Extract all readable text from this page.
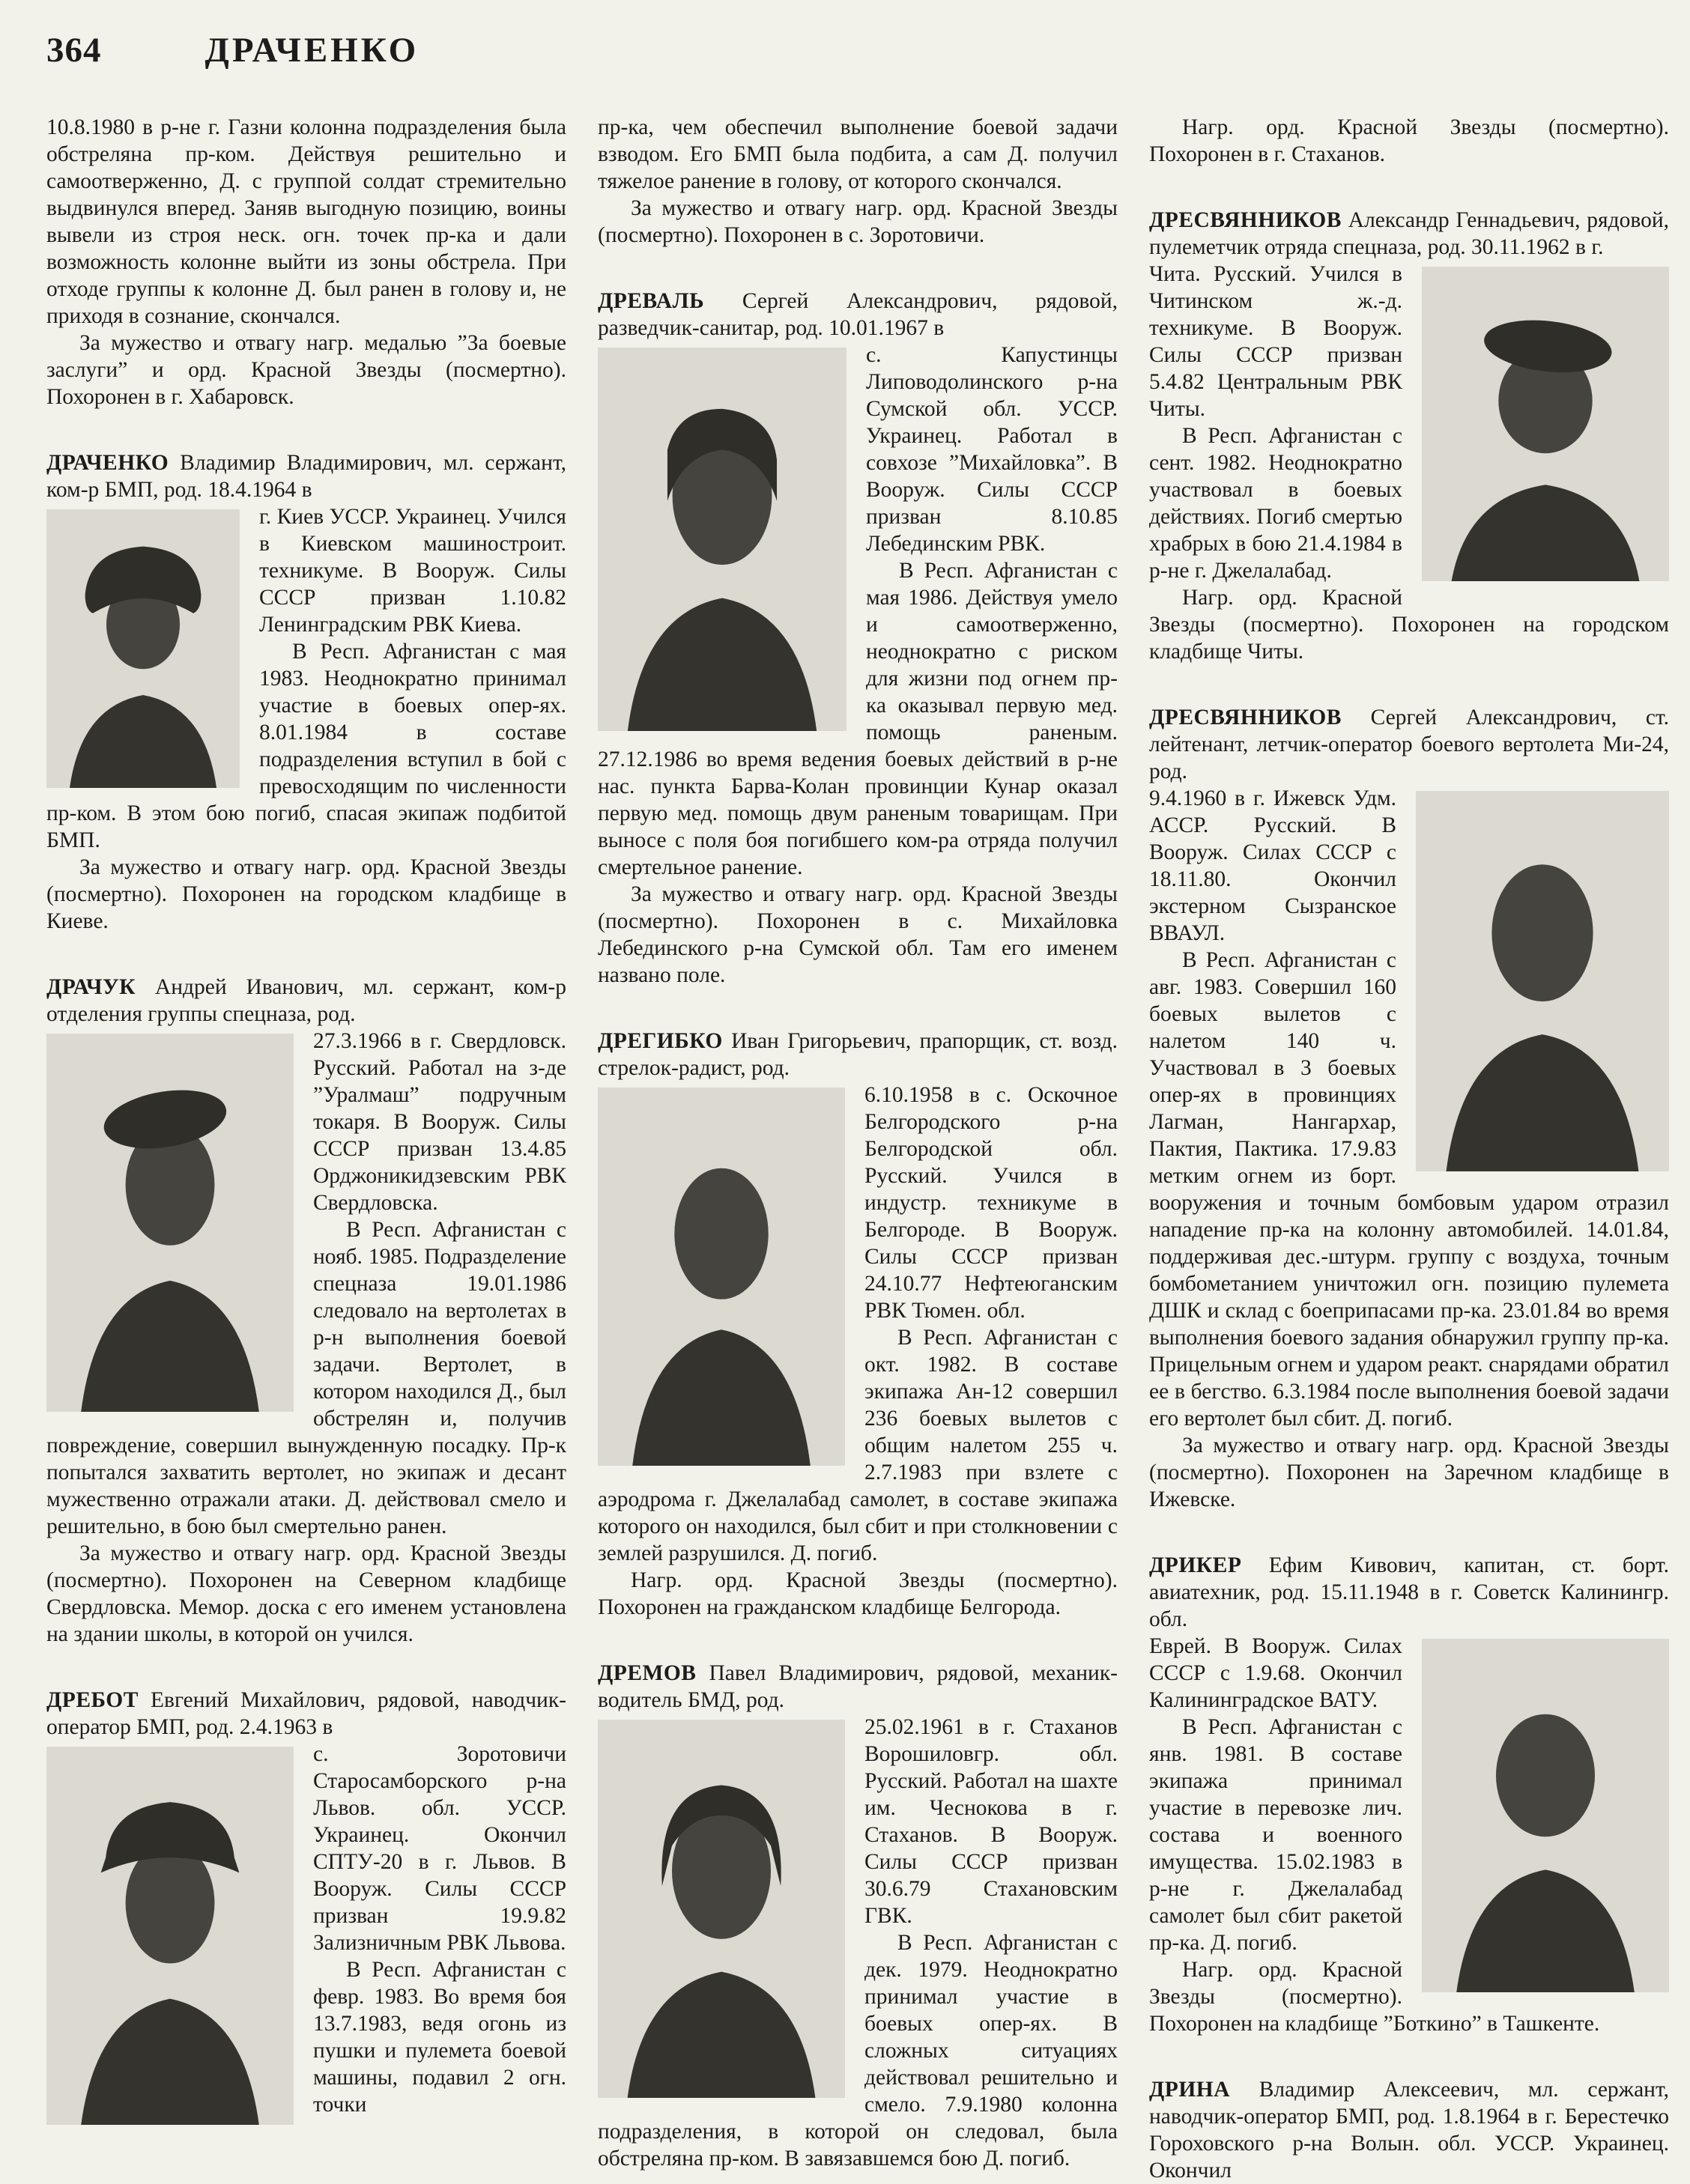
364	ДРАЧЕНКО

10.8.1980 в р-не г. Газни колонна подразделения была обстреляна пр-ком. Действуя решительно и самоотверженно, Д. с группой солдат стремительно выдвинулся вперед. Заняв выгодную позицию, воины вывели из строя неск. огн. точек пр-ка и дали возможность колонне выйти из зоны обстрела. При отходе группы к колонне Д. был ранен в голову и, не приходя в сознание, скончался.

За мужество и отвагу нагр. медалью ”За боевые заслуги” и орд. Красной Звезды (посмертно). Похоронен в г. Хабаровск.

ДРАЧЕНКО Владимир Владимирович, мл. сержант, ком-р БМП, род. 18.4.1964 в

г. Киев УССР. Украинец. Учился в Киевском машиностроит. техникуме. В Вооруж. Силы СССР призван 1.10.82 Ленинградским РВК Киева.

В Респ. Афганистан с мая 1983. Неоднократно принимал участие в боевых опер-ях. 8.01.1984 в составе подразделения вступил в бой с превосходящим по численности пр-ком. В этом бою погиб, спасая экипаж подбитой БМП.

За мужество и отвагу нагр. орд. Красной Звезды (посмертно). Похоронен на городском кладбище в Киеве.

ДРАЧУК Андрей Иванович, мл. сержант, ком-р отделения группы спецназа, род.

27.3.1966 в г. Свердловск. Русский. Работал на з-де ”Уралмаш” подручным токаря. В Вооруж. Силы СССР призван 13.4.85 Орджоникидзевским РВК Свердловска.

В Респ. Афганистан с нояб. 1985. Подразделение спецназа 19.01.1986 следовало на вертолетах в р-н выполнения боевой задачи. Вертолет, в котором находился Д., был обстрелян и, получив повреждение, совершил вынужденную посадку. Пр-к попытался захватить вертолет, но экипаж и десант мужественно отражали атаки. Д. действовал смело и решительно, в бою был смертельно ранен.

За мужество и отвагу нагр. орд. Красной Звезды (посмертно). Похоронен на Северном кладбище Свердловска. Мемор. доска с его именем установлена на здании школы, в которой он учился.

ДРЕБОТ Евгений Михайлович, рядовой, наводчик-оператор БМП, род. 2.4.1963 в

с. Зоротовичи Старосамборского р-на Львов. обл. УССР. Украинец. Окончил СПТУ-20 в г. Львов. В Вооруж. Силы СССР призван 19.9.82 Зализничным РВК Львова.

В Респ. Афганистан с февр. 1983. Во время боя 13.7.1983, ведя огонь из пушки и пулемета боевой машины, подавил 2 огн. точки

пр-ка, чем обеспечил выполнение боевой задачи взводом. Его БМП была подбита, а сам Д. получил тяжелое ранение в голову, от которого скончался.

За мужество и отвагу нагр. орд. Красной Звезды (посмертно). Похоронен в с. Зоротовичи.

ДРЕВАЛЬ Сергей Александрович, рядовой, разведчик-санитар, род. 10.01.1967 в

с. Капустинцы Липоводолинского р-на Сумской обл. УССР. Украинец. Работал в совхозе ”Михайловка”. В Вооруж. Силы СССР призван 8.10.85 Лебединским РВК.

В Респ. Афганистан с мая 1986. Действуя умело и самоотверженно, неоднократно с риском для жизни под огнем пр-ка оказывал первую мед. помощь раненым. 27.12.1986 во время ведения боевых действий в р-не нас. пункта Барва-Колан провинции Кунар оказал первую мед. помощь двум раненым товарищам. При выносе с поля боя погибшего ком-ра отряда получил смертельное ранение.

За мужество и отвагу нагр. орд. Красной Звезды (посмертно). Похоронен в с. Михайловка Лебединского р-на Сумской обл. Там его именем названо поле.

ДРЕГИБКО Иван Григорьевич, прапорщик, ст. возд. стрелок-радист, род.

6.10.1958 в с. Оскочное Белгородского р-на Белгородской обл. Русский. Учился в индустр. техникуме в Белгороде. В Вооруж. Силы СССР призван 24.10.77 Нефтеюганским РВК Тюмен. обл.

В Респ. Афганистан с окт. 1982. В составе экипажа Ан-12 совершил 236 боевых вылетов с общим налетом 255 ч. 2.7.1983 при взлете с аэродрома г. Джелалабад самолет, в составе экипажа которого он находился, был сбит и при столкновении с землей разрушился. Д. погиб.

Нагр. орд. Красной Звезды (посмертно). Похоронен на гражданском кладбище Белгорода.

ДРЕМОВ Павел Владимирович, рядовой, механик-водитель БМД, род.

25.02.1961 в г. Стаханов Ворошиловгр. обл. Русский. Работал на шахте им. Чеснокова в г. Стаханов. В Вооруж. Силы СССР призван 30.6.79 Стахановским ГВК.

В Респ. Афганистан с дек. 1979. Неоднократно принимал участие в боевых опер-ях. В сложных ситуациях действовал решительно и смело. 7.9.1980 колонна подразделения, в которой он следовал, была обстреляна пр-ком. В завязавшемся бою Д. погиб.

Нагр. орд. Красной Звезды (посмертно). Похоронен в г. Стаханов.

ДРЕСВЯННИКОВ Александр Геннадьевич, рядовой, пулеметчик отряда спецназа, род. 30.11.1962 в г.

Чита. Русский. Учился в Читинском ж.-д. техникуме. В Вооруж. Силы СССР призван 5.4.82 Центральным РВК Читы.

В Респ. Афганистан с сент. 1982. Неоднократно участвовал в боевых действиях. Погиб смертью храбрых в бою 21.4.1984 в р-не г. Джелалабад.

Нагр. орд. Красной Звезды (посмертно). Похоронен на городском кладбище Читы.

ДРЕСВЯННИКОВ Сергей Александрович, ст. лейтенант, летчик-оператор боевого вертолета Ми-24, род.

9.4.1960 в г. Ижевск Удм. АССР. Русский. В Вооруж. Силах СССР с 18.11.80. Окончил экстерном Сызранское ВВАУЛ.

В Респ. Афганистан с авг. 1983. Совершил 160 боевых вылетов с налетом 140 ч. Участвовал в 3 боевых опер-ях в провинциях Лагман, Нангархар, Пактия, Пактика. 17.9.83 метким огнем из борт. вооружения и точным бомбовым ударом отразил нападение пр-ка на колонну автомобилей. 14.01.84, поддерживая дес.-штурм. группу с воздуха, точным бомбометанием уничтожил огн. позицию пулемета ДШК и склад с боеприпасами пр-ка. 23.01.84 во время выполнения боевого задания обнаружил группу пр-ка. Прицельным огнем и ударом реакт. снарядами обратил ее в бегство. 6.3.1984 после выполнения боевой задачи его вертолет был сбит. Д. погиб.

За мужество и отвагу нагр. орд. Красной Звезды (посмертно). Похоронен на Заречном кладбище в Ижевске.

ДРИКЕР Ефим Кивович, капитан, ст. борт. авиатехник, род. 15.11.1948 в г. Советск Калинингр. обл.

Еврей. В Вооруж. Силах СССР с 1.9.68. Окончил Калининградское ВАТУ.

В Респ. Афганистан с янв. 1981. В составе экипажа принимал участие в перевозке лич. состава и военного имущества. 15.02.1983 в р-не г. Джелалабад самолет был сбит ракетой пр-ка. Д. погиб.

Нагр. орд. Красной Звезды (посмертно). Похоронен на кладбище ”Боткино” в Ташкенте.

ДРИНА Владимир Алексеевич, мл. сержант, наводчик-оператор БМП, род. 1.8.1964 в г. Берестечко Гороховского р-на Волын. обл. УССР. Украинец. Окончил
